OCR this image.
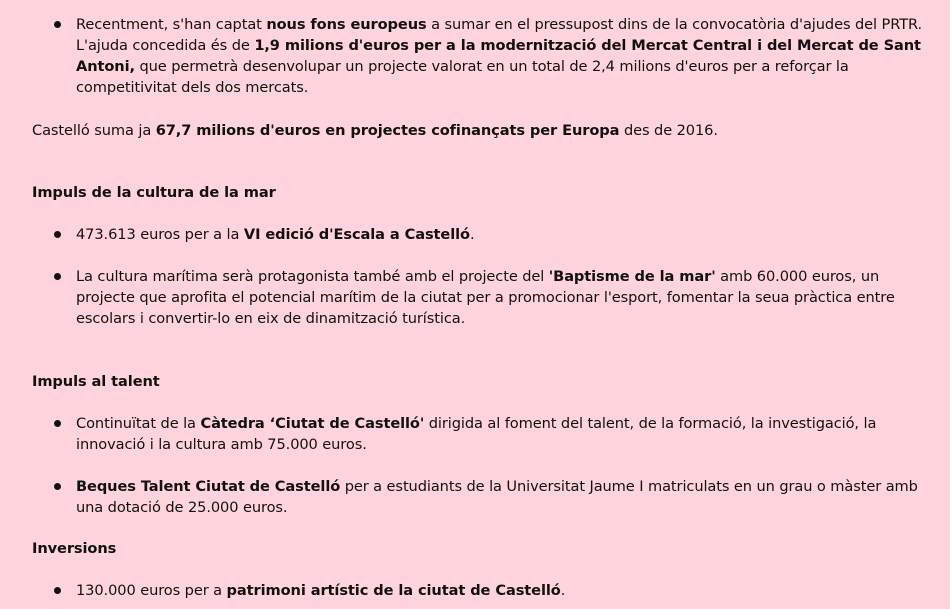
Recentment, s'han captat nous fons europeus a sumar en el pressupost dins de la convocatòria d'ajudes del PRTR. L'ajuda concedida és de 1,9 milions d'euros per a la modernització del Mercat Central i del Mercat de Sant Antoni, que permetrà desenvolupar un projecte valorat en un total de 2,4 milions d'euros per a reforçar la competitivitat dels dos mercats.

Castelló suma ja 67,7 milions d'euros en projectes cofinançats per Europa des de 2016.

Impuls de la cultura de la mar

473.613 euros per a la VI edició d'Escala a Castelló.

La cultura marítima serà protagonista també amb el projecte del 'Baptisme de la mar' amb 60.000 euros, un projecte que aprofita el potencial marítim de la ciutat per a promocionar l'esport, fomentar la seua pràctica entre escolars i convertir-lo en eix de dinamització turística.

Impuls al talent

Continuïtat de la Càtedra ‘Ciutat de Castelló' dirigida al foment del talent, de la formació, la investigació, la innovació i la cultura amb 75.000 euros.

Beques Talent Ciutat de Castelló per a estudiants de la Universitat Jaume I matriculats en un grau o màster amb una dotació de 25.000 euros.

Inversions

130.000 euros per a patrimoni artístic de la ciutat de Castelló.
